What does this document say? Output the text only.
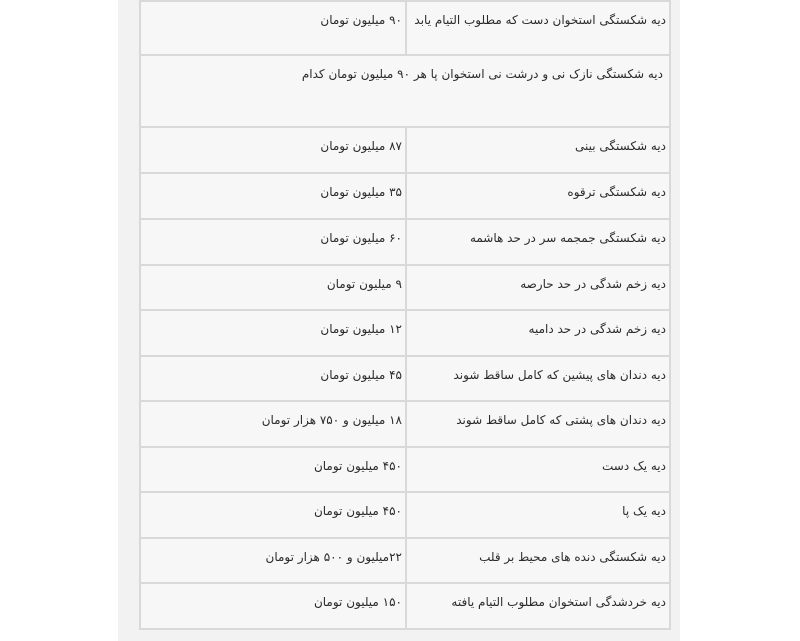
دیه شکستگی استخوان دست که مطلوب التیام یابد	۹۰ میلیون تومان
دیه شکستگی نازک نی و درشت نی استخوان پا هر ۹۰ میلیون تومان کدام	
دیه شکستگی بینی	۸۷ میلیون تومان
دیه شکستگی ترقوه	۳۵ میلیون تومان
دیه شکستگی جمجمه سر در حد هاشمه	۶۰ میلیون تومان
دیه زخم شدگی در حد حارصه	۹ میلیون تومان
دیه زخم شدگی در حد دامیه	۱۲ میلیون تومان
دیه دندان های پیشین که کامل ساقط شوند	۴۵ میلیون تومان
دیه دندان های پشتی که کامل ساقط شوند	۱۸ میلیون و ۷۵۰ هزار تومان
دیه یک دست	۴۵۰ میلیون تومان
دیه یک پا	۴۵۰ میلیون تومان
دیه شکستگی دنده های محیط بر قلب	۲۲میلیون و ۵۰۰ هزار تومان
دیه خردشدگی استخوان مطلوب التیام یافته	۱۵۰ میلیون تومان
